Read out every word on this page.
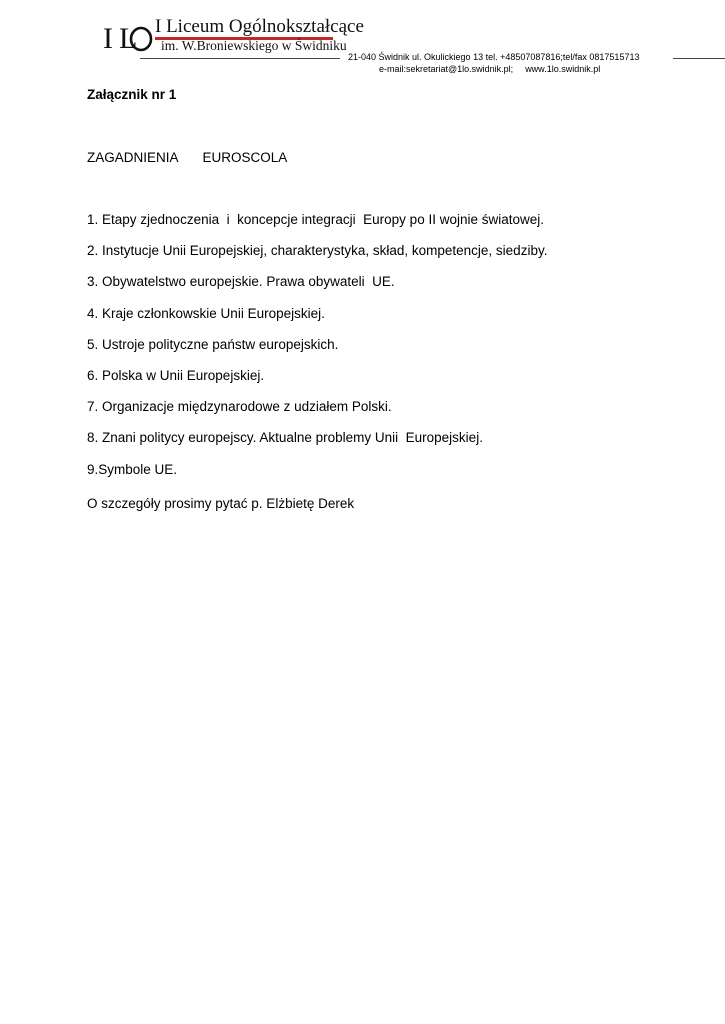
I L I Liceum Ogólnokształcące
im. W.Broniewskiego w Świdniku
21-040 Świdnik ul. Okulickiego 13 tel. +48507087816;tel/fax 0817515713
e-mail:sekretariat@1lo.swidnik.pl; www.1lo.swidnik.pl
Załącznik nr 1
ZAGADNIENIA EUROSCOLA
1. Etapy zjednoczenia  i  koncepcje integracji  Europy po II wojnie światowej.
2. Instytucje Unii Europejskiej, charakterystyka, skład, kompetencje, siedziby.
3. Obywatelstwo europejskie. Prawa obywateli  UE.
4. Kraje członkowskie Unii Europejskiej.
5. Ustroje polityczne państw europejskich.
6. Polska w Unii Europejskiej.
7. Organizacje międzynarodowe z udziałem Polski.
8. Znani politycy europejscy. Aktualne problemy Unii  Europejskiej.
9.Symbole UE.
O szczegóły prosimy pytać p. Elżbietę Derek
